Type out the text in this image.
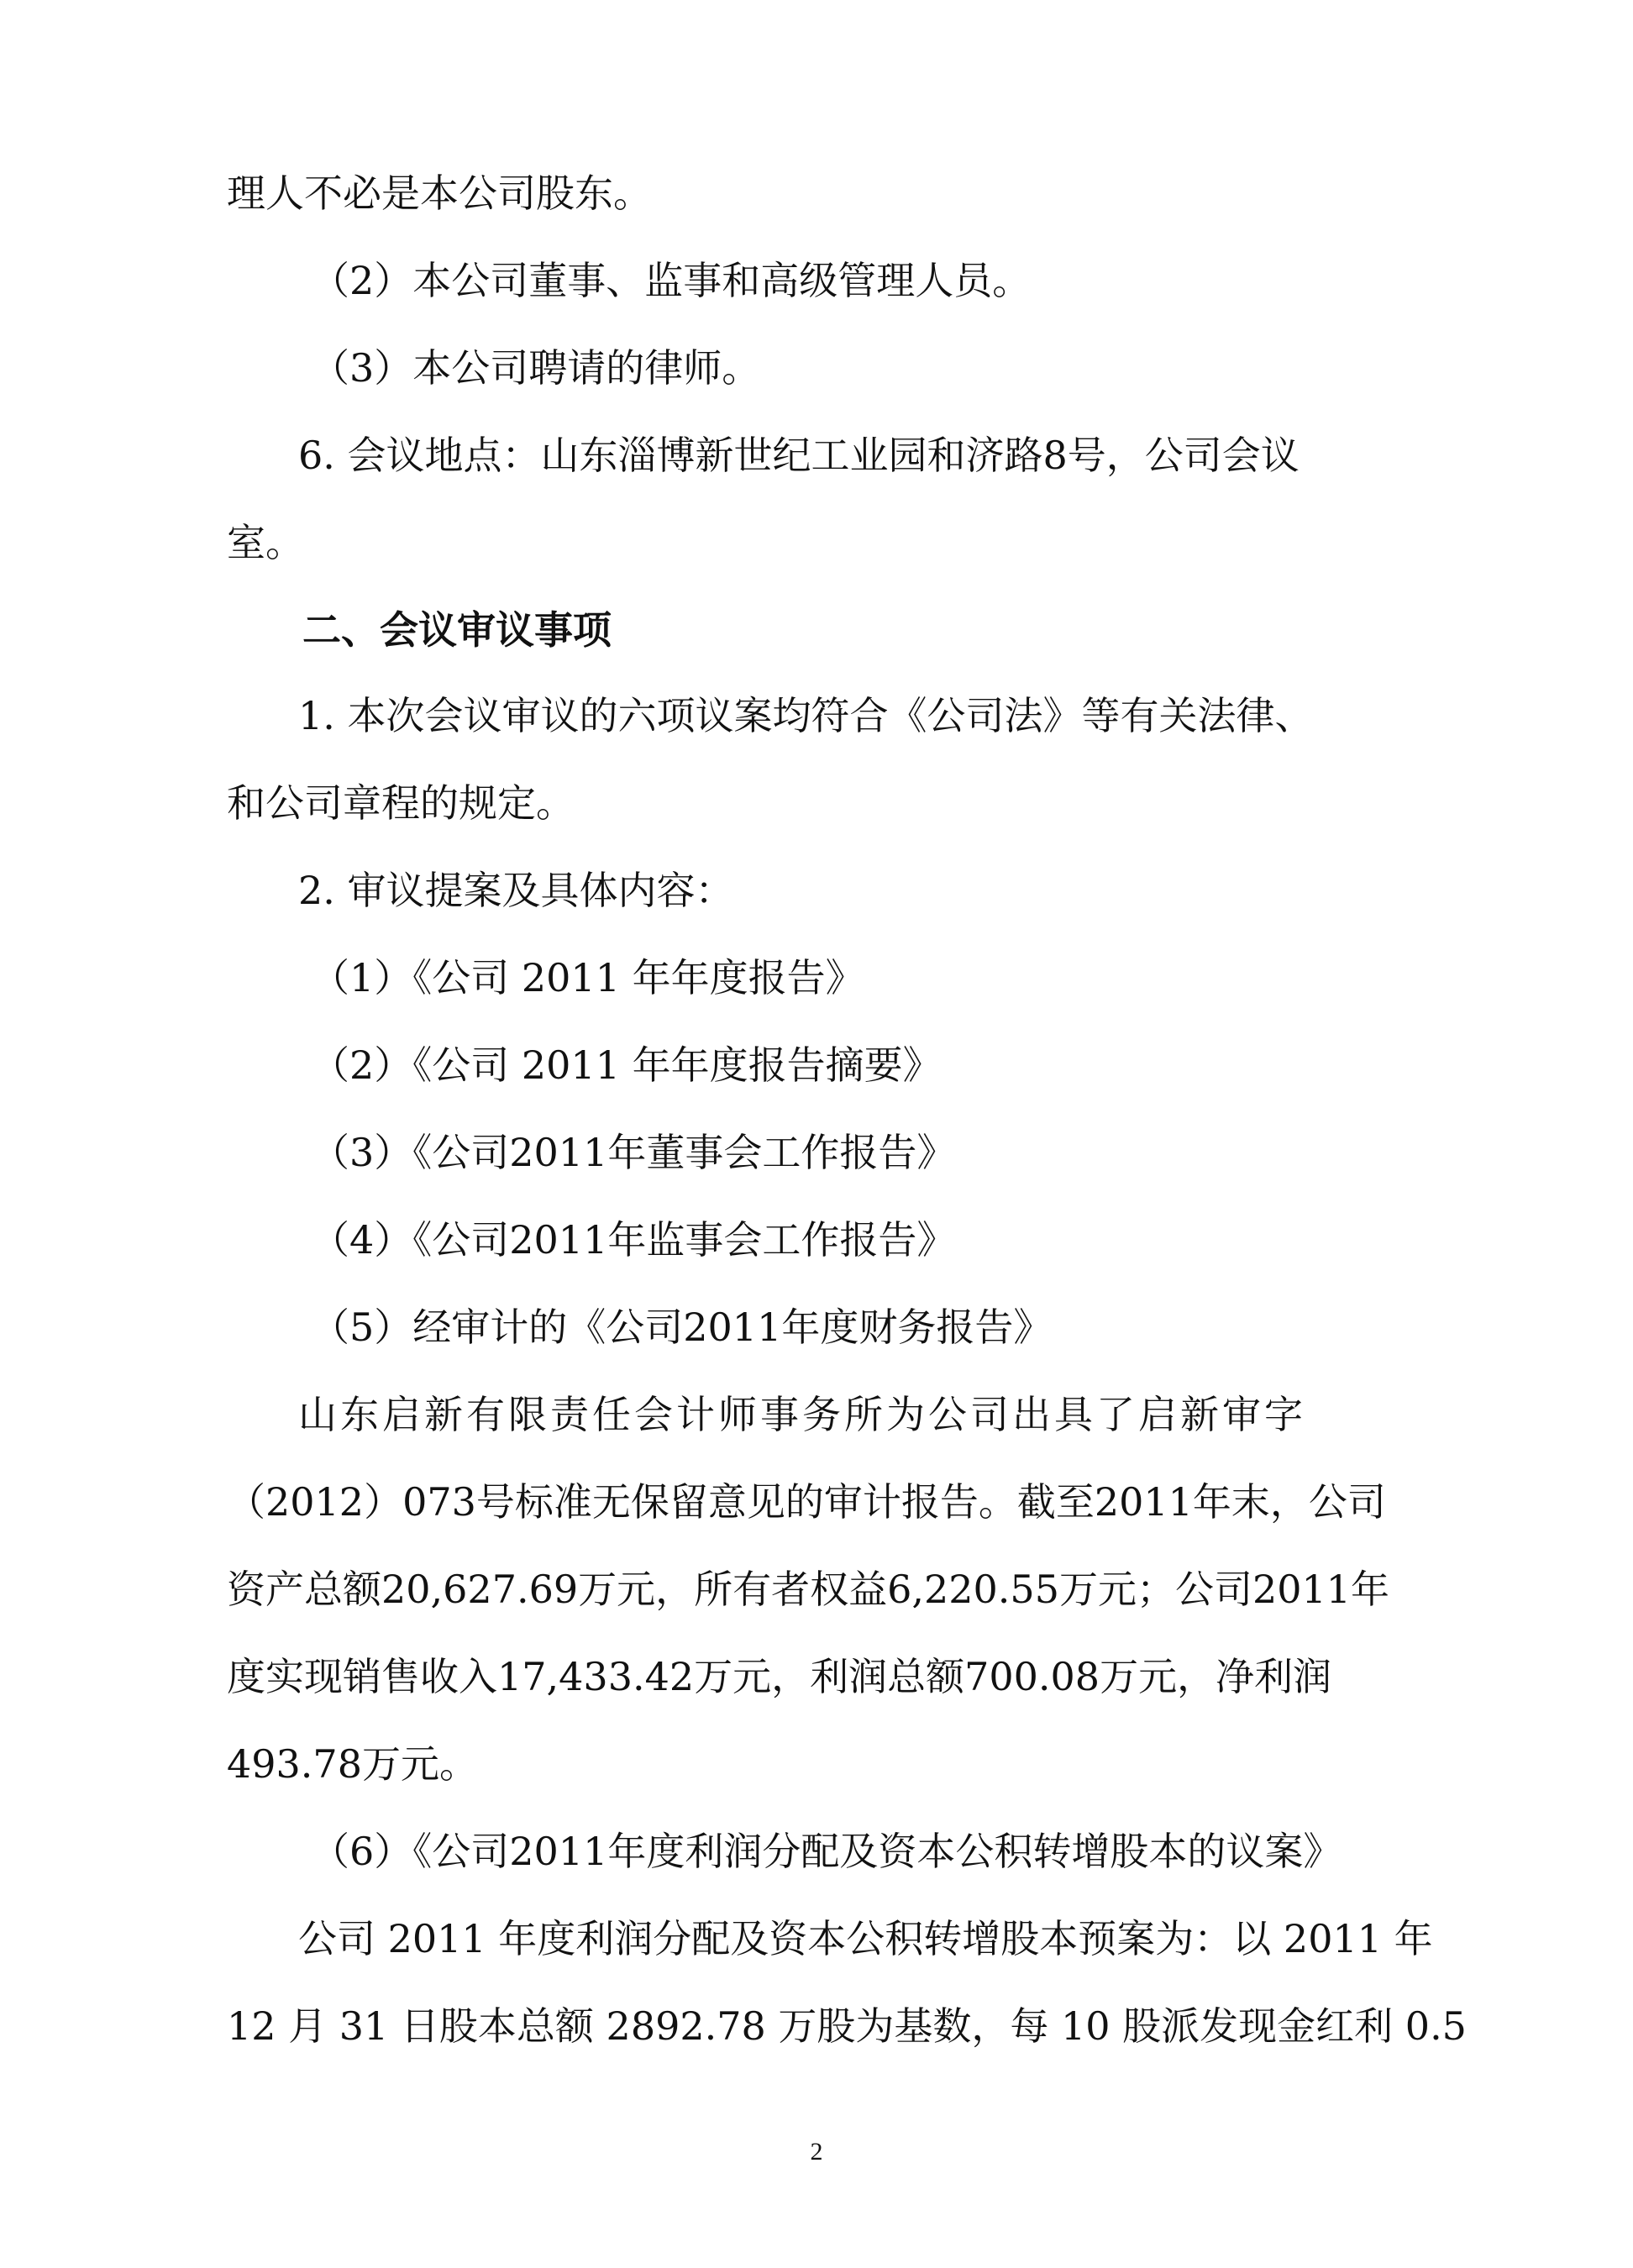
理人不必是本公司股东。
（2）本公司董事、监事和高级管理人员。
（3）本公司聘请的律师。
6. 会议地点：山东淄博新世纪工业园和济路8号，公司会议
室。
二、会议审议事项
1. 本次会议审议的六项议案均符合《公司法》等有关法律、
和公司章程的规定。
2. 审议提案及具体内容：
（1）《公司 2011 年年度报告》
（2）《公司 2011 年年度报告摘要》
（3）《公司2011年董事会工作报告》
（4）《公司2011年监事会工作报告》
（5）经审计的《公司2011年度财务报告》
山东启新有限责任会计师事务所为公司出具了启新审字
（2012）073号标准无保留意见的审计报告。截至2011年末，公司
资产总额20,627.69万元，所有者权益6,220.55万元；公司2011年
度实现销售收入17,433.42万元，利润总额700.08万元，净利润
493.78万元。
（6）《公司2011年度利润分配及资本公积转增股本的议案》
公司 2011 年度利润分配及资本公积转增股本预案为：以 2011 年
12 月 31 日股本总额 2892.78 万股为基数，每 10 股派发现金红利 0.5
2
